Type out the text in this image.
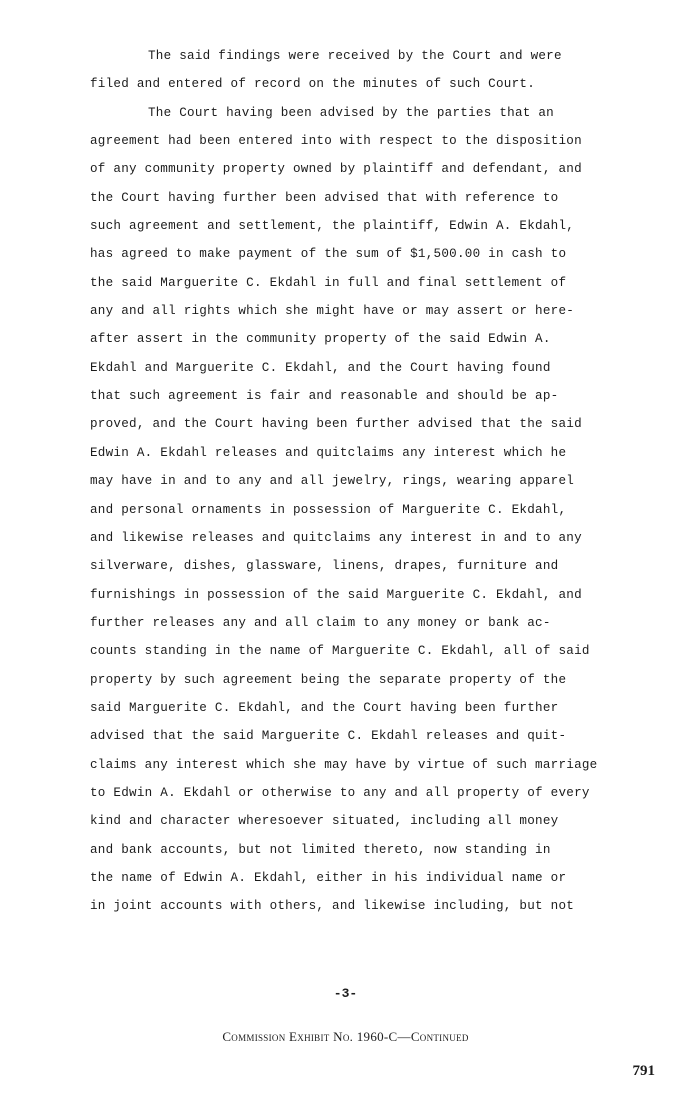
The said findings were received by the Court and were
filed and entered of record on the minutes of such Court.
The Court having been advised by the parties that an
agreement had been entered into with respect to the disposition
of any community property owned by plaintiff and defendant, and
the Court having further been advised that with reference to
such agreement and settlement, the plaintiff, Edwin A. Ekdahl,
has agreed to make payment of the sum of $1,500.00 in cash to
the said Marguerite C. Ekdahl in full and final settlement of
any and all rights which she might have or may assert or here-
after assert in the community property of the said Edwin A.
Ekdahl and Marguerite C. Ekdahl, and the Court having found
that such agreement is fair and reasonable and should be ap-
proved, and the Court having been further advised that the said
Edwin A. Ekdahl releases and quitclaims any interest which he
may have in and to any and all jewelry, rings, wearing apparel
and personal ornaments in possession of Marguerite C. Ekdahl,
and likewise releases and quitclaims any interest in and to any
silverware, dishes, glassware, linens, drapes, furniture and
furnishings in possession of the said Marguerite C. Ekdahl, and
further releases any and all claim to any money or bank ac-
counts standing in the name of Marguerite C. Ekdahl, all of said
property by such agreement being the separate property of the
said Marguerite C. Ekdahl, and the Court having been further
advised that the said Marguerite C. Ekdahl releases and quit-
claims any interest which she may have by virtue of such marriage
to Edwin A. Ekdahl or otherwise to any and all property of every
kind and character wheresoever situated, including all money
and bank accounts, but not limited thereto, now standing in
the name of Edwin A. Ekdahl, either in his individual name or
in joint accounts with others, and likewise including, but not
-3-
Commission Exhibit No. 1960-C—Continued
791
